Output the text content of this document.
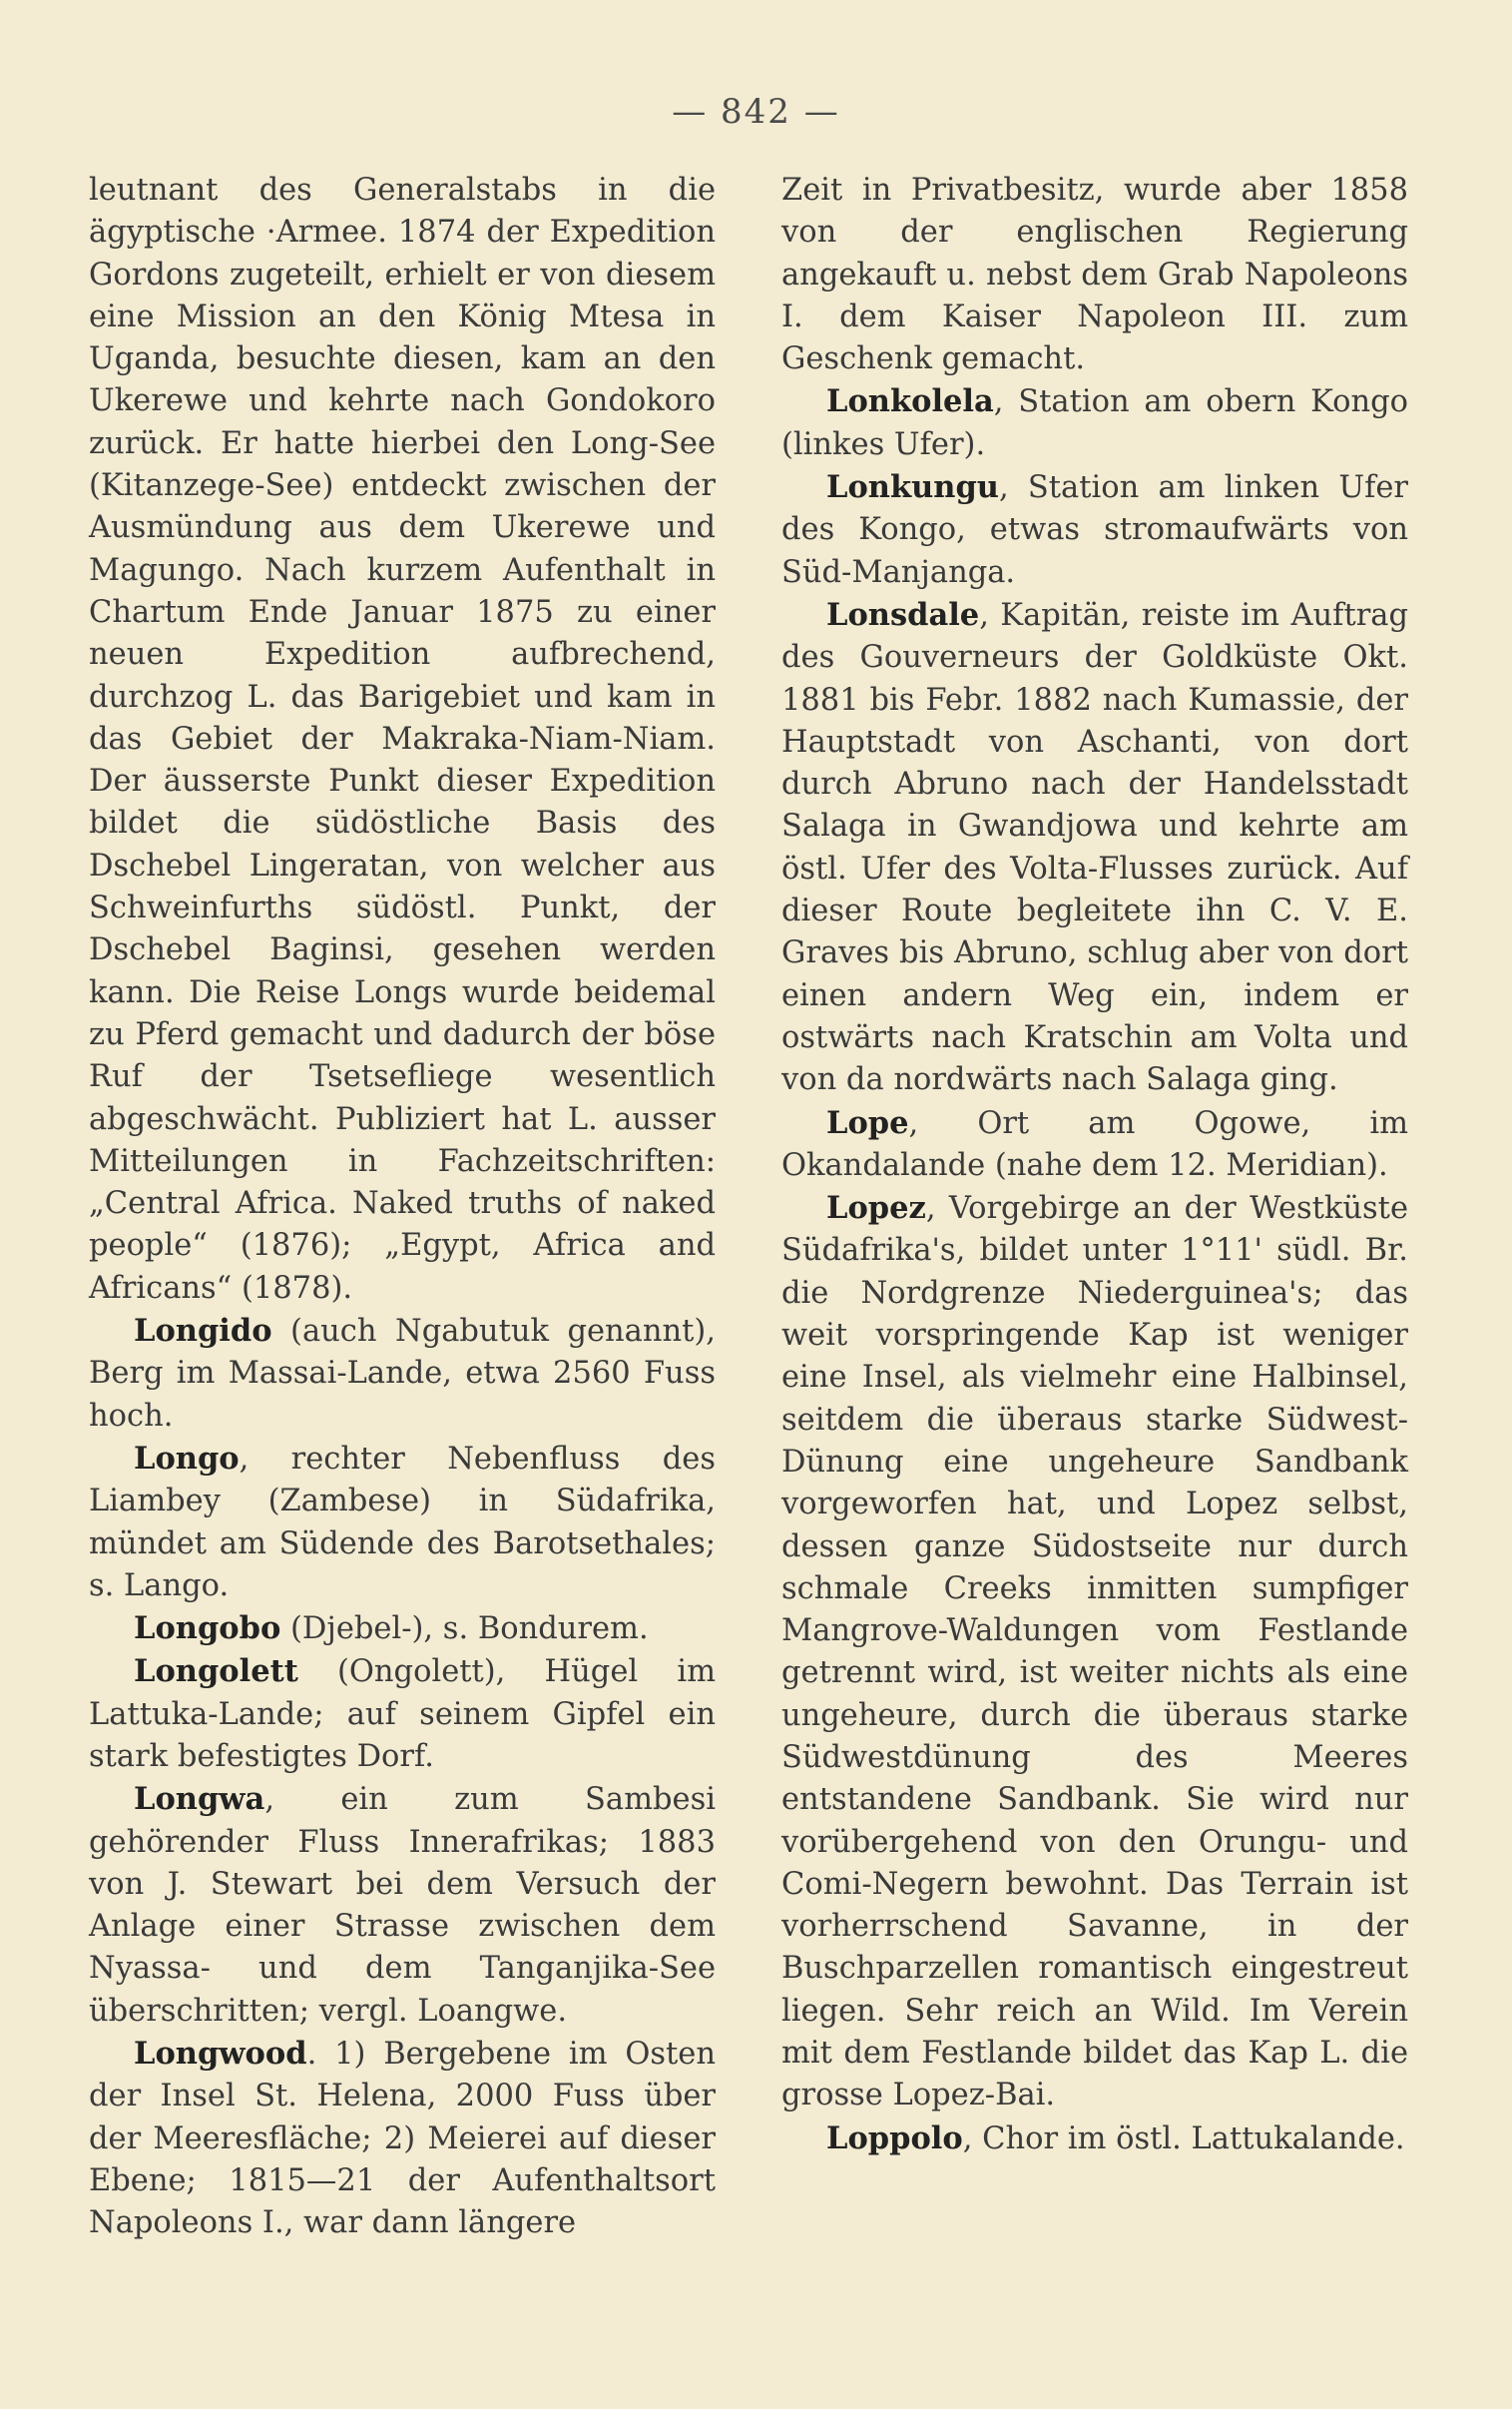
— 842 —

leutnant des Generalstabs in die ägyptische ·Armee. 1874 der Expedition Gordons zugeteilt, erhielt er von diesem eine Mission an den König Mtesa in Uganda, besuchte diesen, kam an den Ukerewe und kehrte nach Gondokoro zurück. Er hatte hierbei den Long-See (Kitanzege-See) entdeckt zwischen der Ausmündung aus dem Ukerewe und Magungo. Nach kurzem Aufenthalt in Chartum Ende Januar 1875 zu einer neuen Expedition aufbrechend, durchzog L. das Barigebiet und kam in das Gebiet der Makraka-Niam-Niam. Der äusserste Punkt dieser Expedition bildet die südöstliche Basis des Dschebel Lingeratan, von welcher aus Schweinfurths südöstl. Punkt, der Dschebel Baginsi, gesehen werden kann. Die Reise Longs wurde beidemal zu Pferd gemacht und dadurch der böse Ruf der Tsetsefliege wesentlich abgeschwächt. Publiziert hat L. ausser Mitteilungen in Fachzeitschriften: „Central Africa. Naked truths of naked people“ (1876); „Egypt, Africa and Africans“ (1878).

Longido (auch Ngabutuk genannt), Berg im Massai-Lande, etwa 2560 Fuss hoch.

Longo, rechter Nebenfluss des Liambey (Zambese) in Südafrika, mündet am Südende des Barotsethales; s. Lango.

Longobo (Djebel-), s. Bondurem.

Longolett (Ongolett), Hügel im Lattuka-Lande; auf seinem Gipfel ein stark befestigtes Dorf.

Longwa, ein zum Sambesi gehörender Fluss Innerafrikas; 1883 von J. Stewart bei dem Versuch der Anlage einer Strasse zwischen dem Nyassa- und dem Tanganjika-See überschritten; vergl. Loangwe.

Longwood. 1) Bergebene im Osten der Insel St. Helena, 2000 Fuss über der Meeresfläche; 2) Meierei auf dieser Ebene; 1815—21 der Aufenthaltsort Napoleons I., war dann längere

Zeit in Privatbesitz, wurde aber 1858 von der englischen Regierung angekauft u. nebst dem Grab Napoleons I. dem Kaiser Napoleon III. zum Geschenk gemacht.

Lonkolela, Station am obern Kongo (linkes Ufer).

Lonkungu, Station am linken Ufer des Kongo, etwas stromaufwärts von Süd-Manjanga.

Lonsdale, Kapitän, reiste im Auftrag des Gouverneurs der Goldküste Okt. 1881 bis Febr. 1882 nach Kumassie, der Hauptstadt von Aschanti, von dort durch Abruno nach der Handelsstadt Salaga in Gwandjowa und kehrte am östl. Ufer des Volta-Flusses zurück. Auf dieser Route begleitete ihn C. V. E. Graves bis Abruno, schlug aber von dort einen andern Weg ein, indem er ostwärts nach Kratschin am Volta und von da nordwärts nach Salaga ging.

Lope, Ort am Ogowe, im Okandalande (nahe dem 12. Meridian).

Lopez, Vorgebirge an der Westküste Südafrika's, bildet unter 1°11' südl. Br. die Nordgrenze Niederguinea's; das weit vorspringende Kap ist weniger eine Insel, als vielmehr eine Halbinsel, seitdem die überaus starke Südwest-Dünung eine ungeheure Sandbank vorgeworfen hat, und Lopez selbst, dessen ganze Südostseite nur durch schmale Creeks inmitten sumpfiger Mangrove-Waldungen vom Festlande getrennt wird, ist weiter nichts als eine ungeheure, durch die überaus starke Südwestdünung des Meeres entstandene Sandbank. Sie wird nur vorübergehend von den Orungu- und Comi-Negern bewohnt. Das Terrain ist vorherrschend Savanne, in der Buschparzellen romantisch eingestreut liegen. Sehr reich an Wild. Im Verein mit dem Festlande bildet das Kap L. die grosse Lopez-Bai.

Loppolo, Chor im östl. Lattukalande.
